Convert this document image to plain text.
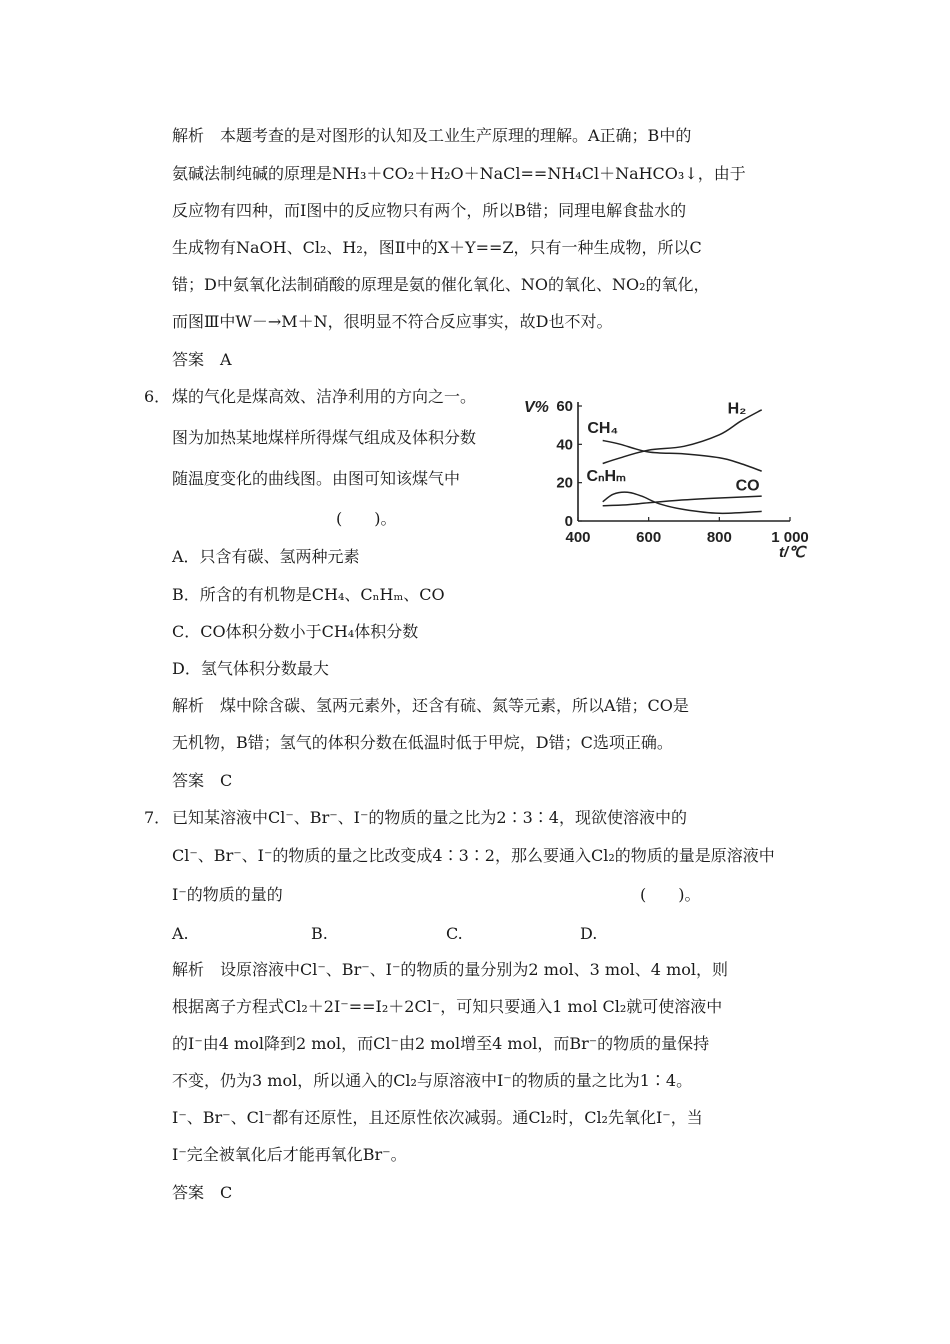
解析　本题考查的是对图形的认知及工业生产原理的理解。A正确；B中的
氨碱法制纯碱的原理是NH₃＋CO₂＋H₂O＋NaCl==NH₄Cl＋NaHCO₃↓，由于
反应物有四种，而Ⅰ图中的反应物只有两个，所以B错；同理电解食盐水的
生成物有NaOH、Cl₂、H₂，图Ⅱ中的X＋Y==Z，只有一种生成物，所以C
错；D中氨氧化法制硝酸的原理是氨的催化氧化、NO的氧化、NO₂的氧化，
而图Ⅲ中W－→M＋N，很明显不符合反应事实，故D也不对。
答案　A
6． 煤的气化是煤高效、洁净利用的方向之一。
图为加热某地煤样所得煤气组成及体积分数
随温度变化的曲线图。由图可知该煤气中
(　　)。
400	600	800	1 000
0
20
40
60
V%
t/℃
H₂
CH₄
CₙHₘ
CO
A．只含有碳、氢两种元素
B．所含的有机物是CH₄、CₙHₘ、CO
C．CO体积分数小于CH₄体积分数
D．氢气体积分数最大
解析　煤中除含碳、氢两元素外，还含有硫、氮等元素，所以A错；CO是
无机物，B错；氢气的体积分数在低温时低于甲烷，D错；C选项正确。
答案　C
7． 已知某溶液中Cl⁻、Br⁻、I⁻的物质的量之比为2∶3∶4，现欲使溶液中的
Cl⁻、Br⁻、I⁻的物质的量之比改变成4∶3∶2，那么要通入Cl₂的物质的量是原溶液中
I⁻的物质的量的	(　　)。
A.	B.	C.	D.
解析　设原溶液中Cl⁻、Br⁻、I⁻的物质的量分别为2 mol、3 mol、4 mol，则
根据离子方程式Cl₂＋2I⁻==I₂＋2Cl⁻，可知只要通入1 mol Cl₂就可使溶液中
的I⁻由4 mol降到2 mol，而Cl⁻由2 mol增至4 mol，而Br⁻的物质的量保持
不变，仍为3 mol，所以通入的Cl₂与原溶液中I⁻的物质的量之比为1∶4。
I⁻、Br⁻、Cl⁻都有还原性，且还原性依次减弱。通Cl₂时，Cl₂先氧化I⁻，当
I⁻完全被氧化后才能再氧化Br⁻。
答案　C
